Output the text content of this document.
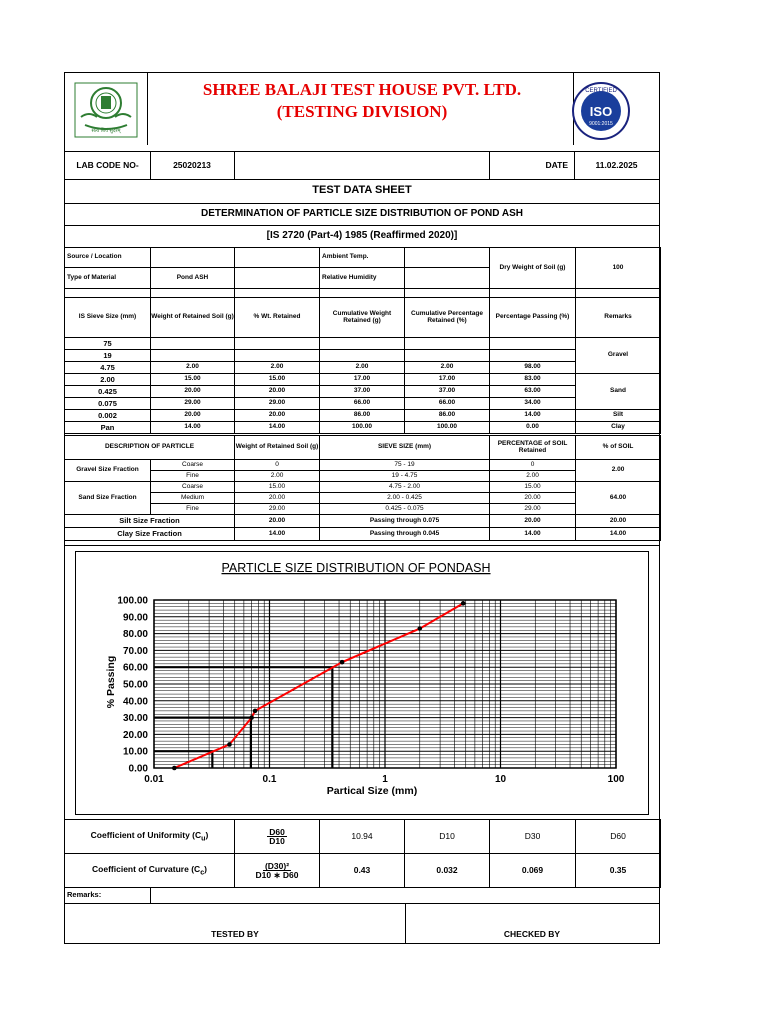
सत्यं शिवं सुंदरम्
SHREE BALAJI TEST HOUSE PVT. LTD.
(TESTING DIVISION)
CERTIFIED
ISO
9001:2015
LAB CODE NO-	25020213	DATE	11.02.2025
TEST DATA SHEET
DETERMINATION OF PARTICLE SIZE DISTRIBUTION OF POND ASH
[IS 2720 (Part-4) 1985 (Reaffirmed 2020)]
Source / Location			Ambient Temp.		Dry Weight of Soil (g)	100
Type of Material	Pond ASH		Relative Humidity			

IS Sieve Size (mm)	Weight of Retained Soil (g)	% Wt. Retained	Cumulative Weight Retained (g)	Cumulative Percentage Retained (%)	Percentage Passing (%)	Remarks
75						Gravel
19						
4.75	2.00	2.00	2.00	2.00	98.00	
2.00	15.00	15.00	17.00	17.00	83.00	Sand
0.425	20.00	20.00	37.00	37.00	63.00	
0.075	29.00	29.00	66.00	66.00	34.00	
0.002	20.00	20.00	86.00	86.00	14.00	Silt
Pan	14.00	14.00	100.00	100.00	0.00	Clay
DESCRIPTION OF PARTICLE		Weight of Retained Soil (g)	SIEVE SIZE (mm)	PERCENTAGE of SOIL Retained	% of SOIL
Gravel Size Fraction	Coarse	0	75 - 19	0	2.00
	Fine	2.00	19 - 4.75	2.00	
Sand Size Fraction	Coarse	15.00	4.75 - 2.00	15.00	64.00
	Medium	20.00	2.00 - 0.425	20.00	
	Fine	29.00	0.425 - 0.075	29.00	
Silt Size Fraction		20.00	Passing through 0.075	20.00	20.00
Clay Size Fraction		14.00	Passing through 0.045	14.00	14.00
PARTICLE SIZE DISTRIBUTION OF PONDASH
0.00
10.00
20.00
30.00
40.00
50.00
60.00
70.00
80.00
90.00
100.00
0.01	0.1	1	10	100
Partical Size (mm)
% Passing
Coefficient of Uniformity $(C_u)$	$\frac{D60}{D10}$	10.94	D10	D30	D60
Coefficient of Curvature $(C_c)$	$\frac{\text{(D30)²}}{D10 ∗ D60}$	0.43	0.032	0.069	0.35
Remarks:
TESTED BY	CHECKED BY
